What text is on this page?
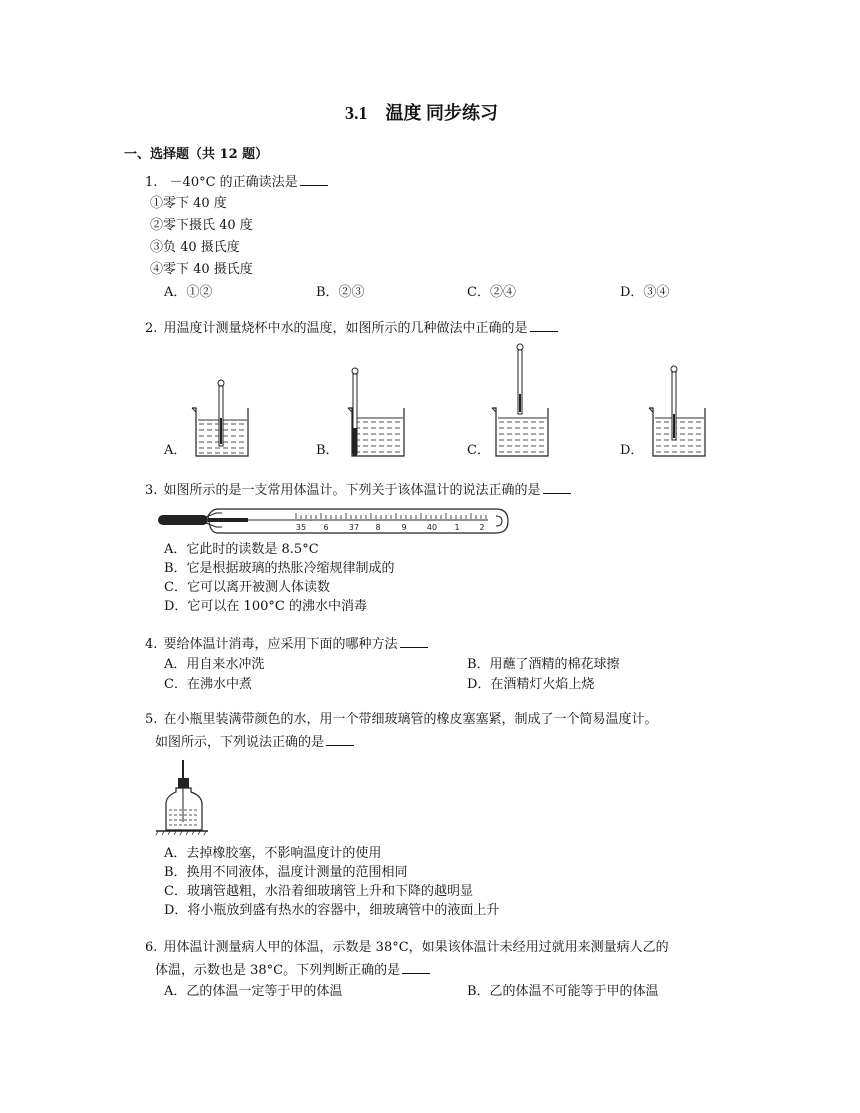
3.1　温度 同步练习
一、选择题（共 12 题）
1. －40°C 的正确读法是
①零下 40 度
②零下摄氏 40 度
③负 40 摄氏度
④零下 40 摄氏度
A．①②	B．②③	C．②④	D．③④
2. 用温度计测量烧杯中水的温度，如图所示的几种做法中正确的是
A．	B．	C．	D．
3. 如图所示的是一支常用体温计。下列关于该体温计的说法正确的是
35 6	37 8	9	40 1 2
A．它此时的读数是 8.5°C
B．它是根据玻璃的热胀冷缩规律制成的
C．它可以离开被测人体读数
D．它可以在 100°C 的沸水中消毒
4. 要给体温计消毒，应采用下面的哪种方法
A．用自来水冲洗	B．用蘸了酒精的棉花球擦
C．在沸水中煮	D．在酒精灯火焰上烧
5. 在小瓶里装满带颜色的水，用一个带细玻璃管的橡皮塞塞紧，制成了一个简易温度计。
如图所示，下列说法正确的是
A．去掉橡胶塞，不影响温度计的使用
B．换用不同液体，温度计测量的范围相同
C．玻璃管越粗，水沿着细玻璃管上升和下降的越明显
D．将小瓶放到盛有热水的容器中，细玻璃管中的液面上升
6. 用体温计测量病人甲的体温，示数是 38°C，如果该体温计未经用过就用来测量病人乙的
体温，示数也是 38°C。下列判断正确的是
A．乙的体温一定等于甲的体温	B．乙的体温不可能等于甲的体温
